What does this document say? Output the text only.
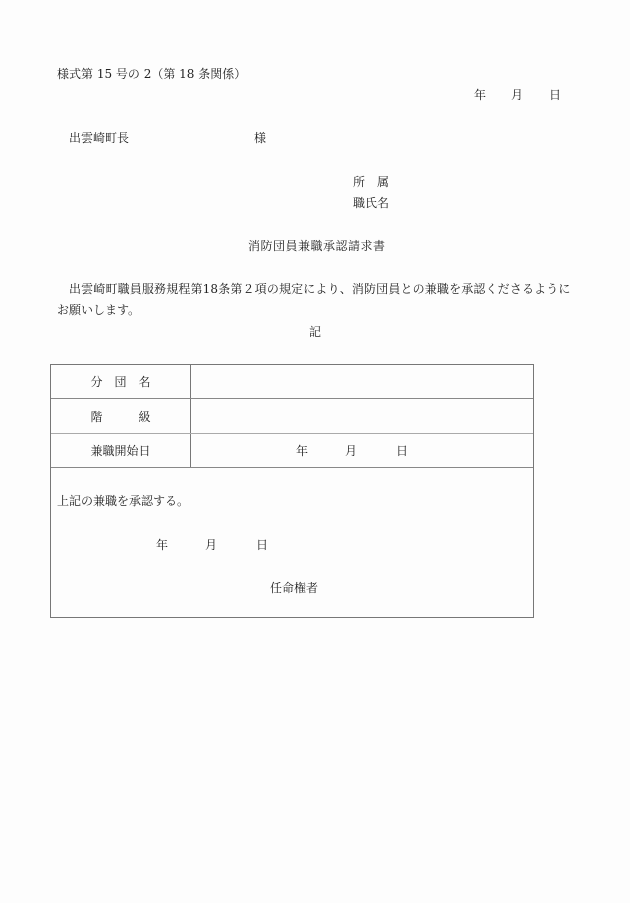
様式第 15 号の 2（第 18 条関係）
年 月 日
出雲崎町長	様
所　属
職氏名
消防団員兼職承認請求書
出雲崎町職員服務規程第18条第２項の規定により、消防団員との兼職を承認くださるように
お願いします。
記
分　団　名
階　　　級
兼職開始日	年	月	日
上記の兼職を承認する。
年	月	日
任命権者
